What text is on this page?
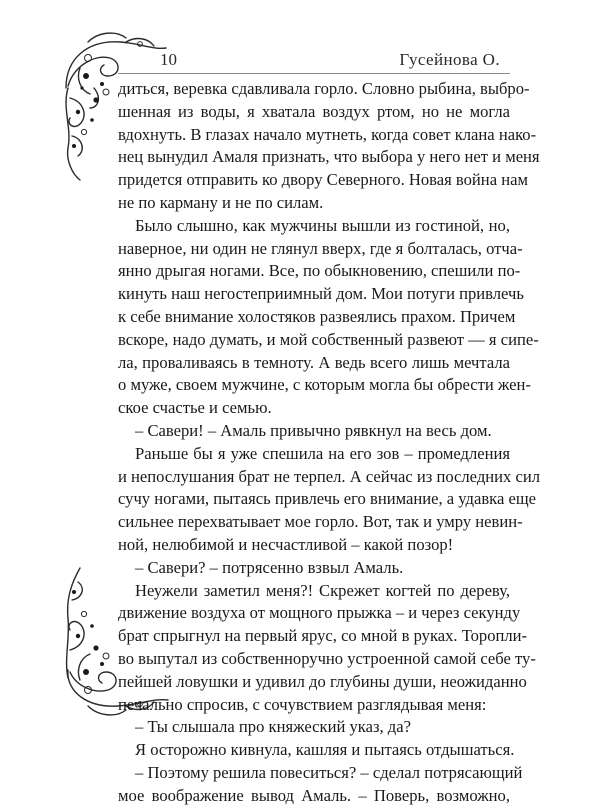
10	Гусейнова О.
диться, веревка сдавливала горло. Словно рыбина, выбро-
шенная из воды, я хватала воздух ртом, но не могла
вдохнуть. В глазах начало мутнеть, когда совет клана нако-
нец вынудил Амаля признать, что выбора у него нет и меня
придется отправить ко двору Северного. Новая война нам
не по карману и не по силам.
Было слышно, как мужчины вышли из гостиной, но,
наверное, ни один не глянул вверх, где я болталась, отча-
янно дрыгая ногами. Все, по обыкновению, спешили по-
кинуть наш негостеприимный дом. Мои потуги привлечь
к себе внимание холостяков развеялись прахом. Причем
вскоре, надо думать, и мой собственный развеют — я сипе-
ла, проваливаясь в темноту. А ведь всего лишь мечтала
о муже, своем мужчине, с которым могла бы обрести жен-
ское счастье и семью.
– Савери! – Амаль привычно рявкнул на весь дом.
Раньше бы я уже спешила на его зов – промедления
и непослушания брат не терпел. А сейчас из последних сил
сучу ногами, пытаясь привлечь его внимание, а удавка еще
сильнее перехватывает мое горло. Вот, так и умру невин-
ной, нелюбимой и несчастливой – какой позор!
– Савери? – потрясенно взвыл Амаль.
Неужели заметил меня?! Скрежет когтей по дереву,
движение воздуха от мощного прыжка – и через секунду
брат спрыгнул на первый ярус, со мной в руках. Торопли-
во выпутал из собственноручно устроенной самой себе ту-
пейшей ловушки и удивил до глубины души, неожиданно
печально спросив, с сочувствием разглядывая меня:
– Ты слышала про княжеский указ, да?
Я осторожно кивнула, кашляя и пытаясь отдышаться.
– Поэтому решила повеситься? – сделал потрясающий
мое воображение вывод Амаль. – Поверь, возможно,
